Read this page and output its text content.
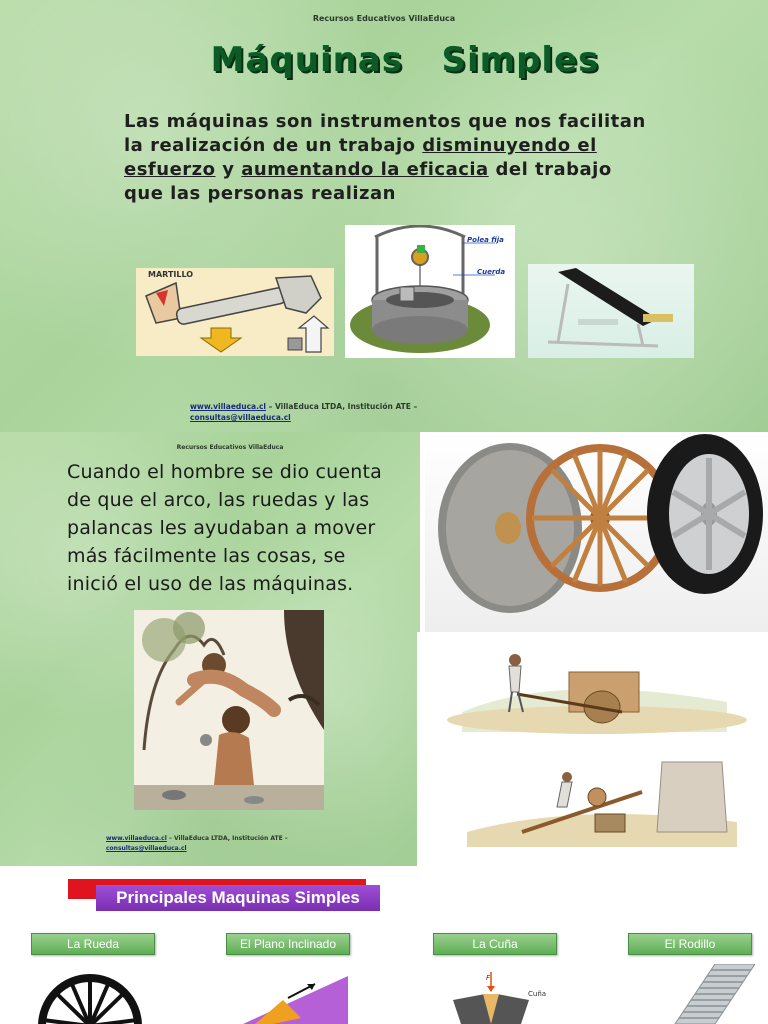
Recursos Educativos VillaEduca
Máquinas   Simples
Las máquinas son instrumentos que nos facilitan la realización de un trabajo disminuyendo el esfuerzo y aumentando la eficacia del trabajo que las personas realizan
MARTILLO
Polea fija
Cuerda
www.villaeduca.cl – VillaEduca LTDA, Institución ATE –
consultas@villaeduca.cl
Recursos Educativos VillaEduca
Cuando el hombre se dio cuenta de que el arco, las ruedas y las palancas les ayudaban a mover más fácilmente las cosas, se inició el uso de las máquinas.
www.villaeduca.cl – VillaEduca LTDA, Institución ATE –
consultas@villaeduca.cl
Principales Maquinas Simples
La Rueda	El Plano Inclinado	La Cuña	El Rodillo
F
Cuña
